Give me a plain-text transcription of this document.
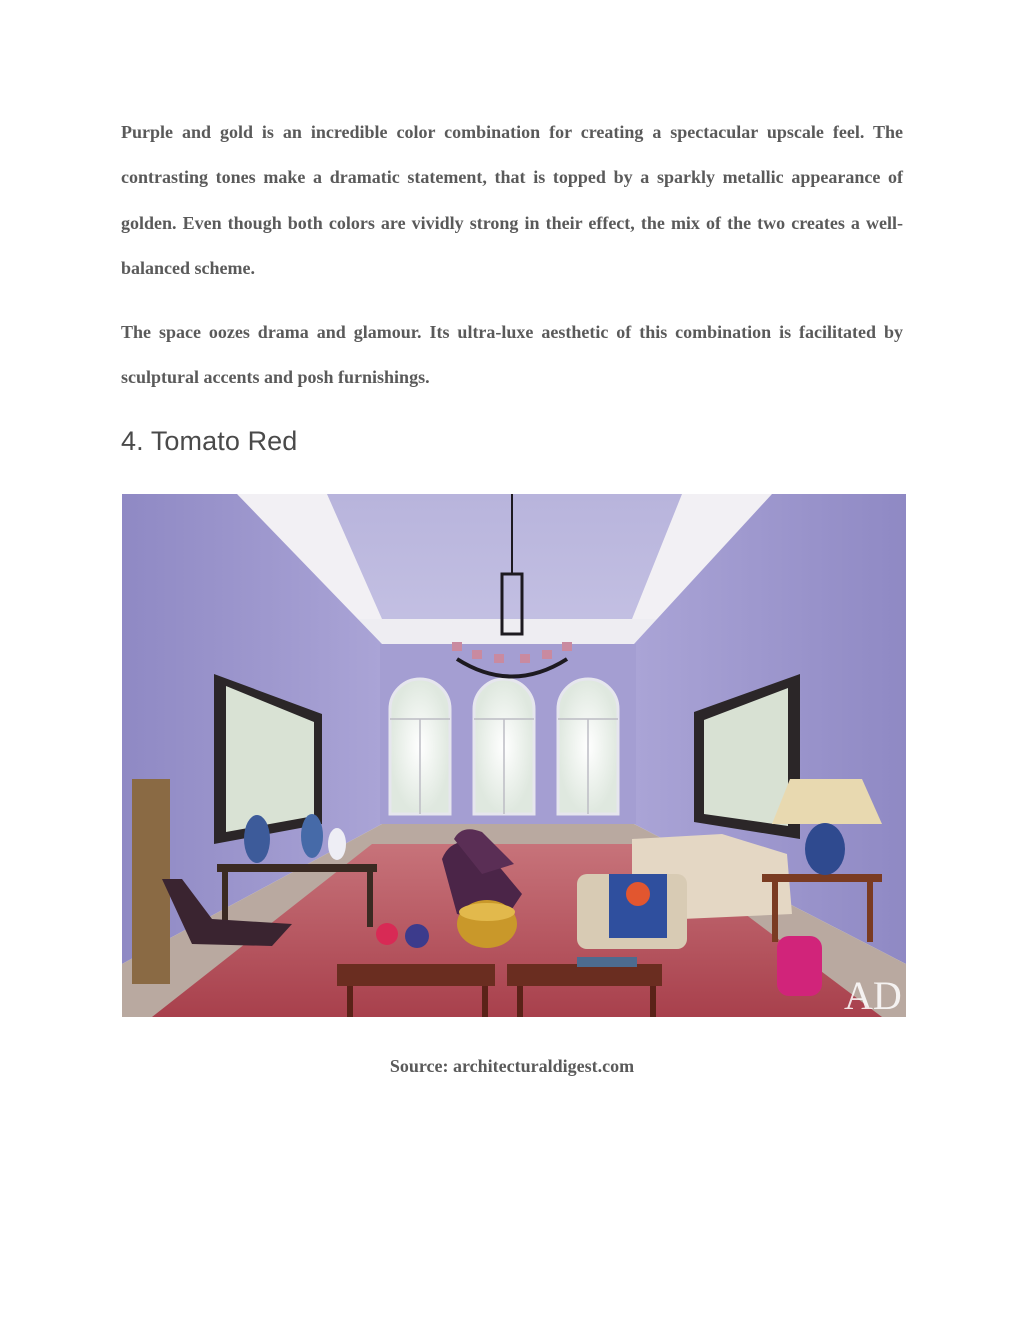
Purple and gold is an incredible color combination for creating a spectacular upscale feel. The contrasting tones make a dramatic statement, that is topped by a sparkly metallic appearance of golden. Even though both colors are vividly strong in their effect, the mix of the two creates a well-balanced scheme.

The space oozes drama and glamour. Its ultra-luxe aesthetic of this combination is facilitated by sculptural accents and posh furnishings.

4. Tomato Red
AD

Source: architecturaldigest.com
